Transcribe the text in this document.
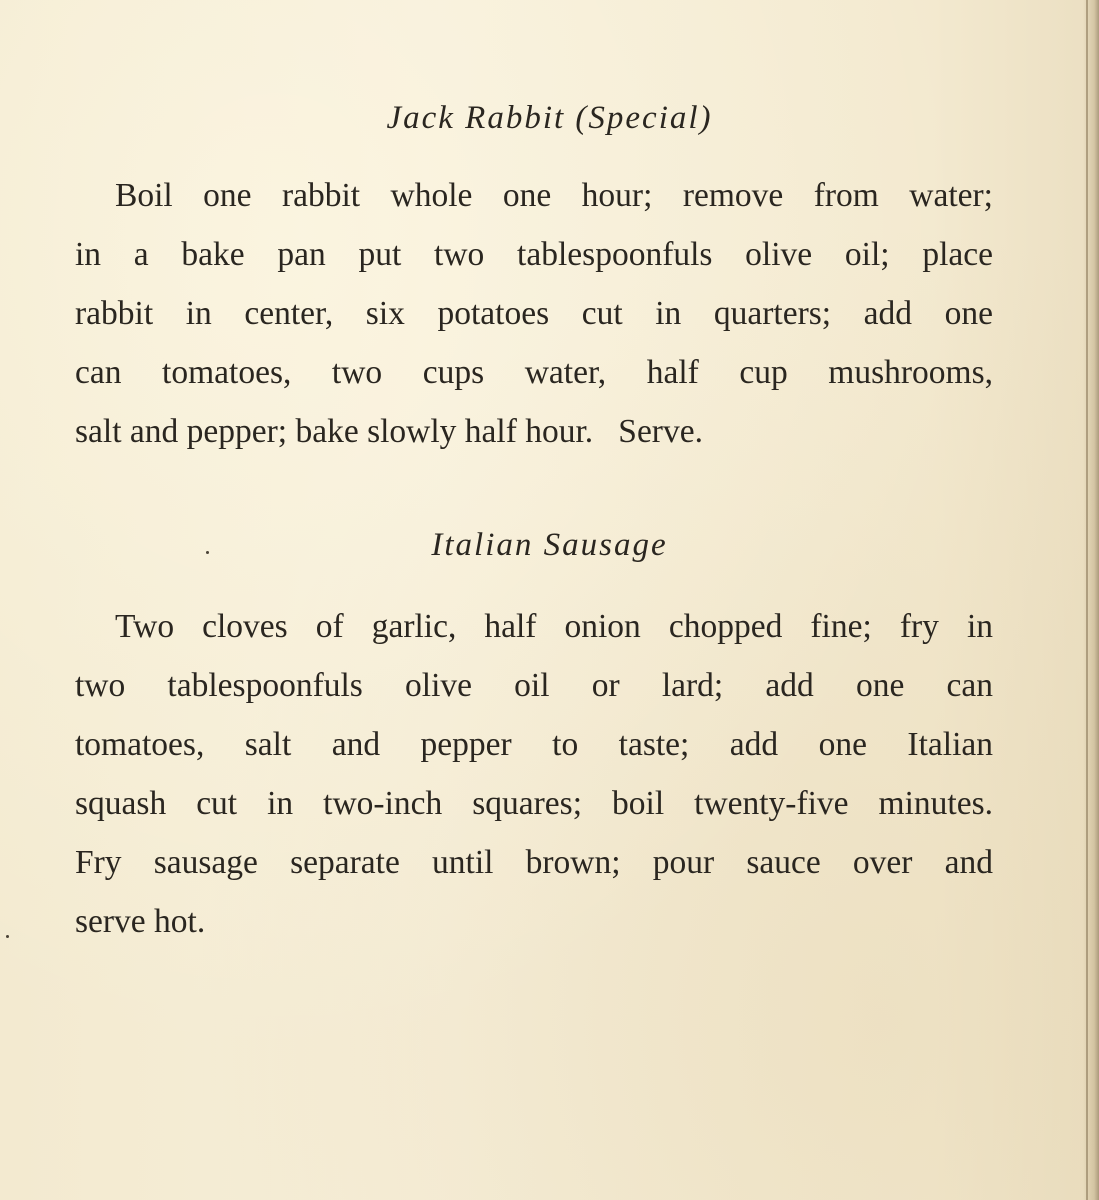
Jack Rabbit (Special)
Boil one rabbit whole one hour; remove from water;
in a bake pan put two tablespoonfuls olive oil; place
rabbit in center, six potatoes cut in quarters; add one
can tomatoes, two cups water, half cup mushrooms,
salt and pepper; bake slowly half hour.   Serve.
Italian Sausage
Two cloves of garlic, half onion chopped fine; fry in
two tablespoonfuls olive oil or lard; add one can
tomatoes, salt and pepper to taste; add one Italian
squash cut in two-inch squares; boil twenty-five minutes.
Fry sausage separate until brown; pour sauce over and
serve hot.
